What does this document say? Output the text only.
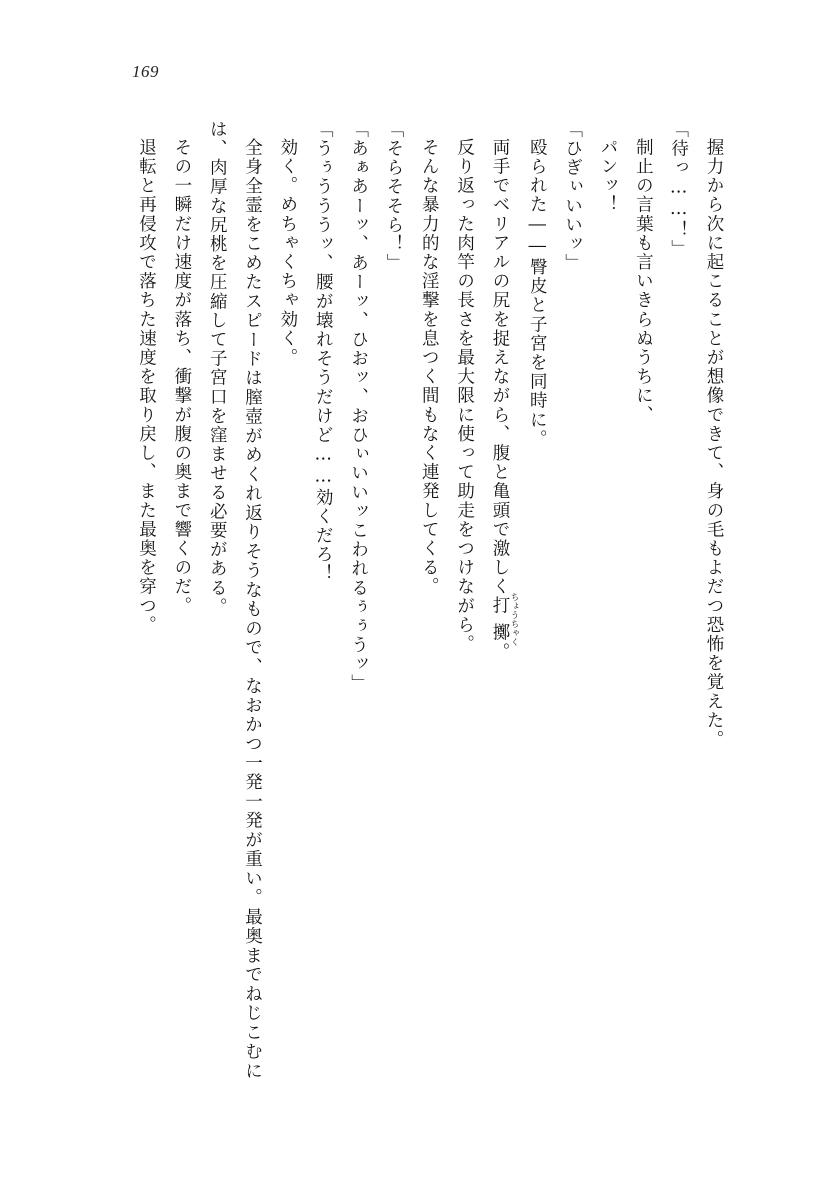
169

握力から次に起こることが想像できて、身の毛もよだつ恐怖を覚えた。

「待っ……！」

制止の言葉も言いきらぬうちに、

パンッ！

「ひぎぃいいッ」

殴られた――臀皮と子宮を同時に。

両手でベリアルの尻を捉えながら、腹と亀頭で激しく打擲 ちょうちゃく。

反り返った肉竿の長さを最大限に使って助走をつけながら。

そんな暴力的な淫撃を息つく間もなく連発してくる。

「そらそそら！」

「あぁあーッ、あーッ、ひおッ、おひぃいいッこわれるぅぅうッ」

「うぅうううッ、腰が壊れそうだけど……効くだろ！

効く。めちゃくちゃ効く。

全身全霊をこめたスピードは膣壺がめくれ返りそうなもので、なおかつ一発一発が重い。最奥までねじこむには、肉厚な尻桃を圧縮して子宮口を窪ませる必要がある。

その一瞬だけ速度が落ち、衝撃が腹の奥まで響くのだ。

退転と再侵攻で落ちた速度を取り戻し、また最奥を穿つ。
